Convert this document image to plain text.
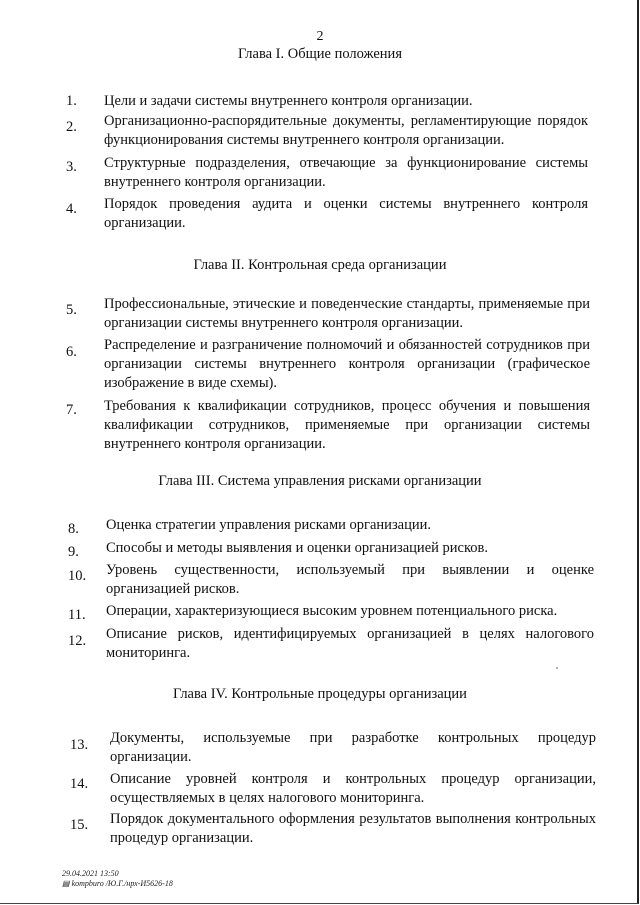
2
Глава I. Общие положения
1. Цели и задачи системы внутреннего контроля организации.
2. Организационно-распорядительные документы, регламентирующие порядок функционирования системы внутреннего контроля организации.
3. Структурные подразделения, отвечающие за функционирование системы внутреннего контроля организации.
4. Порядок проведения аудита и оценки системы внутреннего контроля организации.
Глава II. Контрольная среда организации
5. Профессиональные, этические и поведенческие стандарты, применяемые при организации системы внутреннего контроля организации.
6. Распределение и разграничение полномочий и обязанностей сотрудников при организации системы внутреннего контроля организации (графическое изображение в виде схемы).
7. Требования к квалификации сотрудников, процесс обучения и повышения квалификации сотрудников, применяемые при организации системы внутреннего контроля организации.
Глава III. Система управления рисками организации
8. Оценка стратегии управления рисками организации.
9. Способы и методы выявления и оценки организацией рисков.
10. Уровень существенности, используемый при выявлении и оценке организацией рисков.
11. Операции, характеризующиеся высоким уровнем потенциального риска.
12. Описание рисков, идентифицируемых организацией в целях налогового мониторинга.
Глава IV. Контрольные процедуры организации
13. Документы, используемые при разработке контрольных процедур организации.
14. Описание уровней контроля и контрольных процедур организации, осуществляемых в целях налогового мониторинга.
15. Порядок документального оформления результатов выполнения контрольных процедур организации.
29.04.2021 13:50
▤ kompburo /Ю.Г./нрх-И5626-18
